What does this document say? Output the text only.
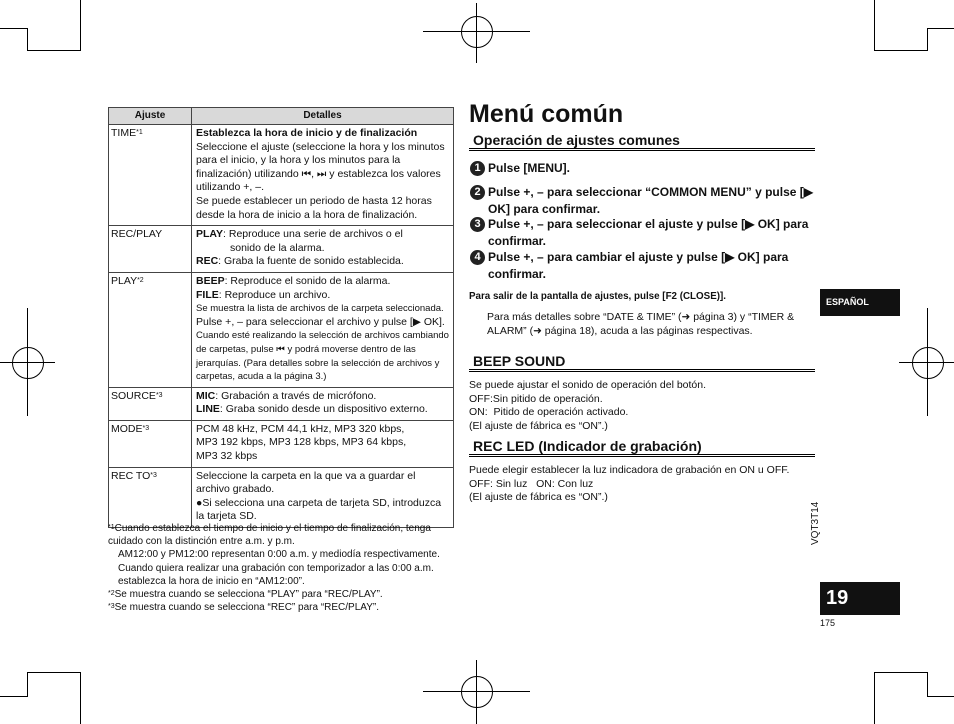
Ajuste	Detalles
TIME$^{*1}$	Establezca la hora de inicio y de finalización
Seleccione el ajuste (seleccione la hora y los minutos para el inicio, y la hora y los minutos para la finalización) utilizando ⏮, ⏭ y establezca los valores utilizando +, –.
Se puede establecer un periodo de hasta 12 horas desde la hora de inicio a la hora de finalización.

REC/PLAY	PLAY: Reproduce una serie de archivos o el
sonido de la alarma.
REC: Graba la fuente de sonido establecida.

PLAY$^{*2}$	BEEP: Reproduce el sonido de la alarma.
FILE: Reproduce un archivo.
Se muestra la lista de archivos de la carpeta seleccionada.
Pulse +, – para seleccionar el archivo y pulse [▶ OK].
Cuando esté realizando la selección de archivos cambiando de carpetas, pulse ⏮ y podrá moverse dentro de las jerarquías. (Para detalles sobre la selección de archivos y carpetas, acuda a la página 3.)

SOURCE$^{*3}$	MIC: Grabación a través de micrófono.
LINE: Graba sonido desde un dispositivo externo.

MODE$^{*3}$	PCM 48 kHz, PCM 44,1 kHz, MP3 320 kbps,
MP3 192 kbps, MP3 128 kbps, MP3 64 kbps,
MP3 32 kbps

REC TO$^{*3}$	Seleccione la carpeta en la que va a guardar el archivo grabado.
●Si selecciona una carpeta de tarjeta SD, introduzca la tarjeta SD.
$^{*1}$Cuando establezca el tiempo de inicio y el tiempo de finalización, tenga cuidado con la distinción entre a.m. y p.m.
AM12:00 y PM12:00 representan 0:00 a.m. y mediodía respectivamente. Cuando quiera realizar una grabación con temporizador a las 0:00 a.m. establezca la hora de inicio en “AM12:00”.
$^{*2}$Se muestra cuando se selecciona “PLAY” para “REC/PLAY”.
$^{*3}$Se muestra cuando se selecciona “REC” para “REC/PLAY”.
Menú común
Operación de ajustes comunes
1 Pulse [MENU].
2 Pulse +, – para seleccionar “COMMON MENU” y pulse [▶ OK] para confirmar.
3 Pulse +, – para seleccionar el ajuste y pulse [▶ OK] para confirmar.
4 Pulse +, – para cambiar el ajuste y pulse [▶ OK] para confirmar.
Para salir de la pantalla de ajustes, pulse [F2 (CLOSE)].
Para más detalles sobre “DATE & TIME” (➜ página 3) y “TIMER & ALARM” (➜ página 18), acuda a las páginas respectivas.
BEEP SOUND
Se puede ajustar el sonido de operación del botón.
OFF:Sin pitido de operación.
ON:  Pitido de operación activado.
(El ajuste de fábrica es “ON”.)
REC LED (Indicador de grabación)
Puede elegir establecer la luz indicadora de grabación en ON u OFF.
OFF: Sin luz   ON: Con luz
(El ajuste de fábrica es “ON”.)
ESPAÑOL
VQT3T14
19
175
